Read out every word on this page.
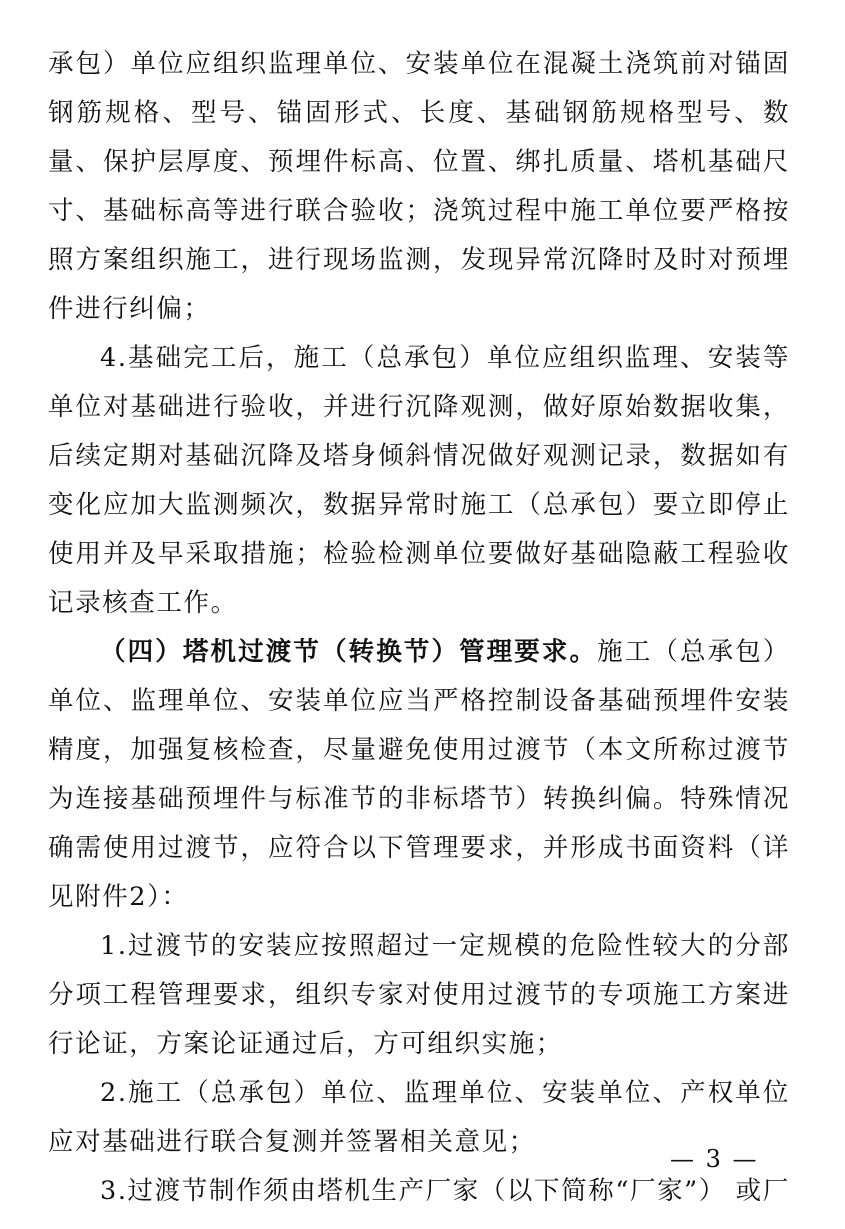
承包）单位应组织监理单位、安装单位在混凝土浇筑前对锚固钢筋规格、型号、锚固形式、长度、基础钢筋规格型号、数量、保护层厚度、预埋件标高、位置、绑扎质量、塔机基础尺寸、基础标高等进行联合验收；浇筑过程中施工单位要严格按照方案组织施工，进行现场监测，发现异常沉降时及时对预埋件进行纠偏；

4.基础完工后，施工（总承包）单位应组织监理、安装等单位对基础进行验收，并进行沉降观测，做好原始数据收集，后续定期对基础沉降及塔身倾斜情况做好观测记录，数据如有变化应加大监测频次，数据异常时施工（总承包）要立即停止使用并及早采取措施；检验检测单位要做好基础隐蔽工程验收记录核查工作。

（四）塔机过渡节（转换节）管理要求。施工（总承包）单位、监理单位、安装单位应当严格控制设备基础预埋件安装精度，加强复核检查，尽量避免使用过渡节（本文所称过渡节为连接基础预埋件与标准节的非标塔节）转换纠偏。特殊情况确需使用过渡节，应符合以下管理要求，并形成书面资料（详见附件2）：

1.过渡节的安装应按照超过一定规模的危险性较大的分部分项工程管理要求，组织专家对使用过渡节的专项施工方案进行论证，方案论证通过后，方可组织实施；

2.施工（总承包）单位、监理单位、安装单位、产权单位应对基础进行联合复测并签署相关意见；

3.过渡节制作须由塔机生产厂家（以下简称“厂家”） 或厂

— 3 —
